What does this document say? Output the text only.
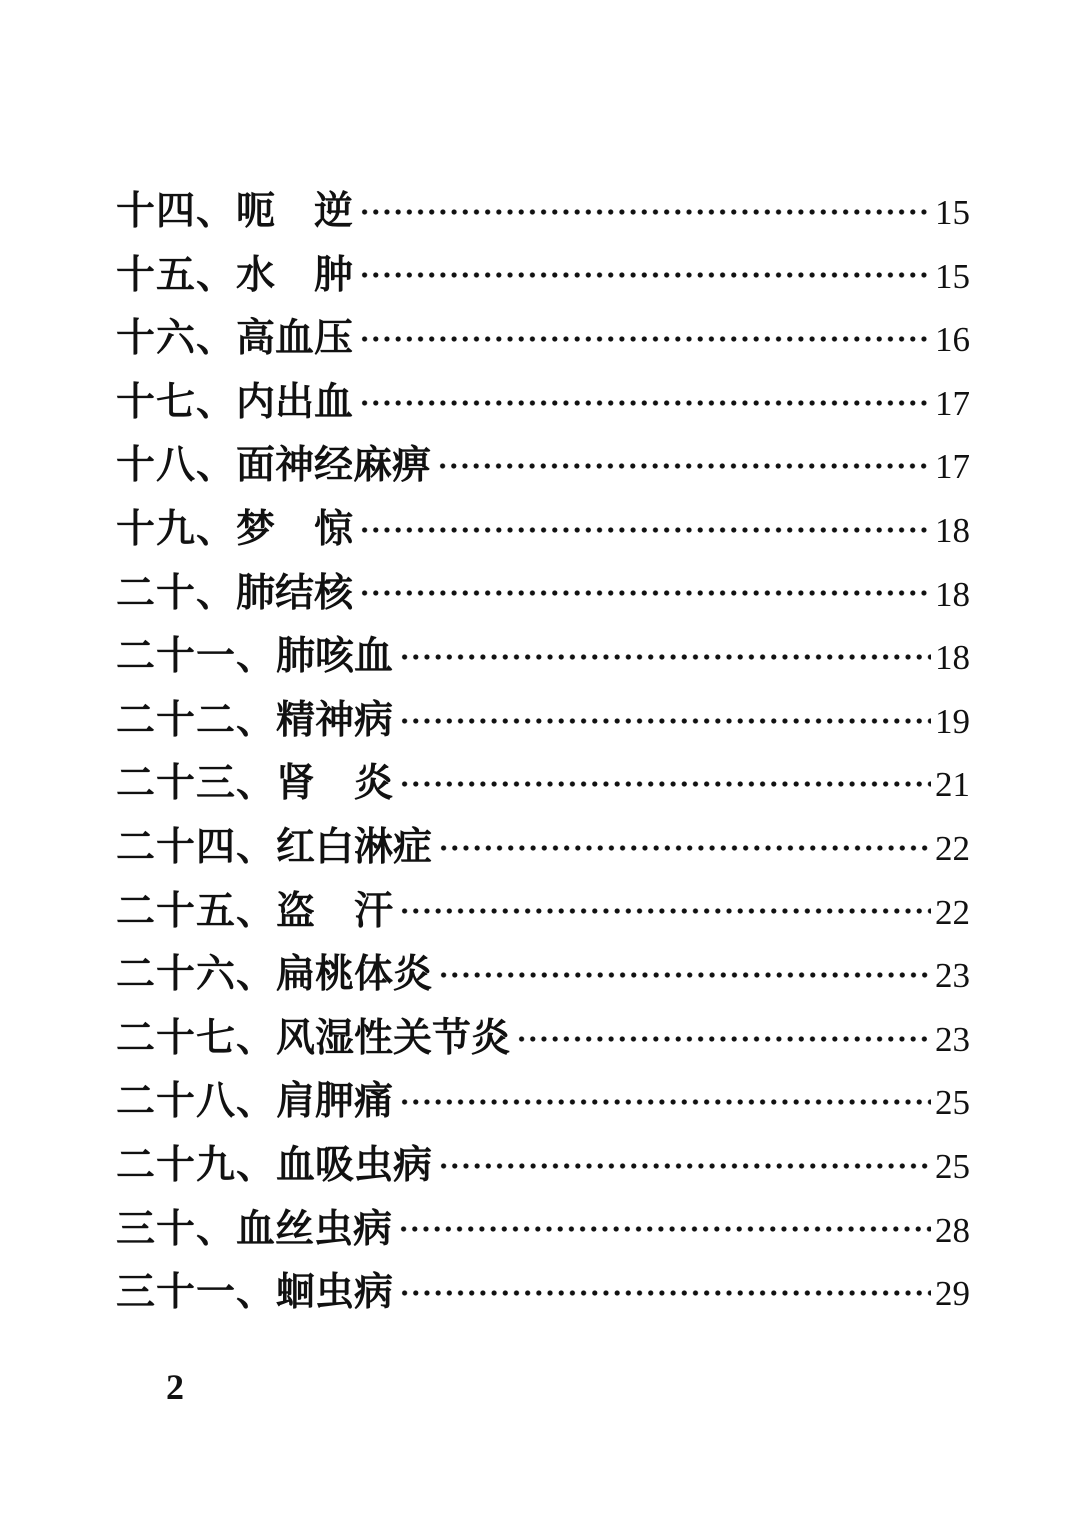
十四、 呃　逆	15
十五、 水　肿	15
十六、 高血压	16
十七、 内出血	17
十八、 面神经麻痹	17
十九、 梦　惊	18
二十、 肺结核	18
二十一、 肺咳血	18
二十二、 精神病	19
二十三、 肾　炎	21
二十四、 红白淋症	22
二十五、 盗　汗	22
二十六、 扁桃体炎	23
二十七、 风湿性关节炎	23
二十八、 肩胛痛	25
二十九、 血吸虫病	25
三十、 血丝虫病	28
三十一、 蛔虫病	29
2
